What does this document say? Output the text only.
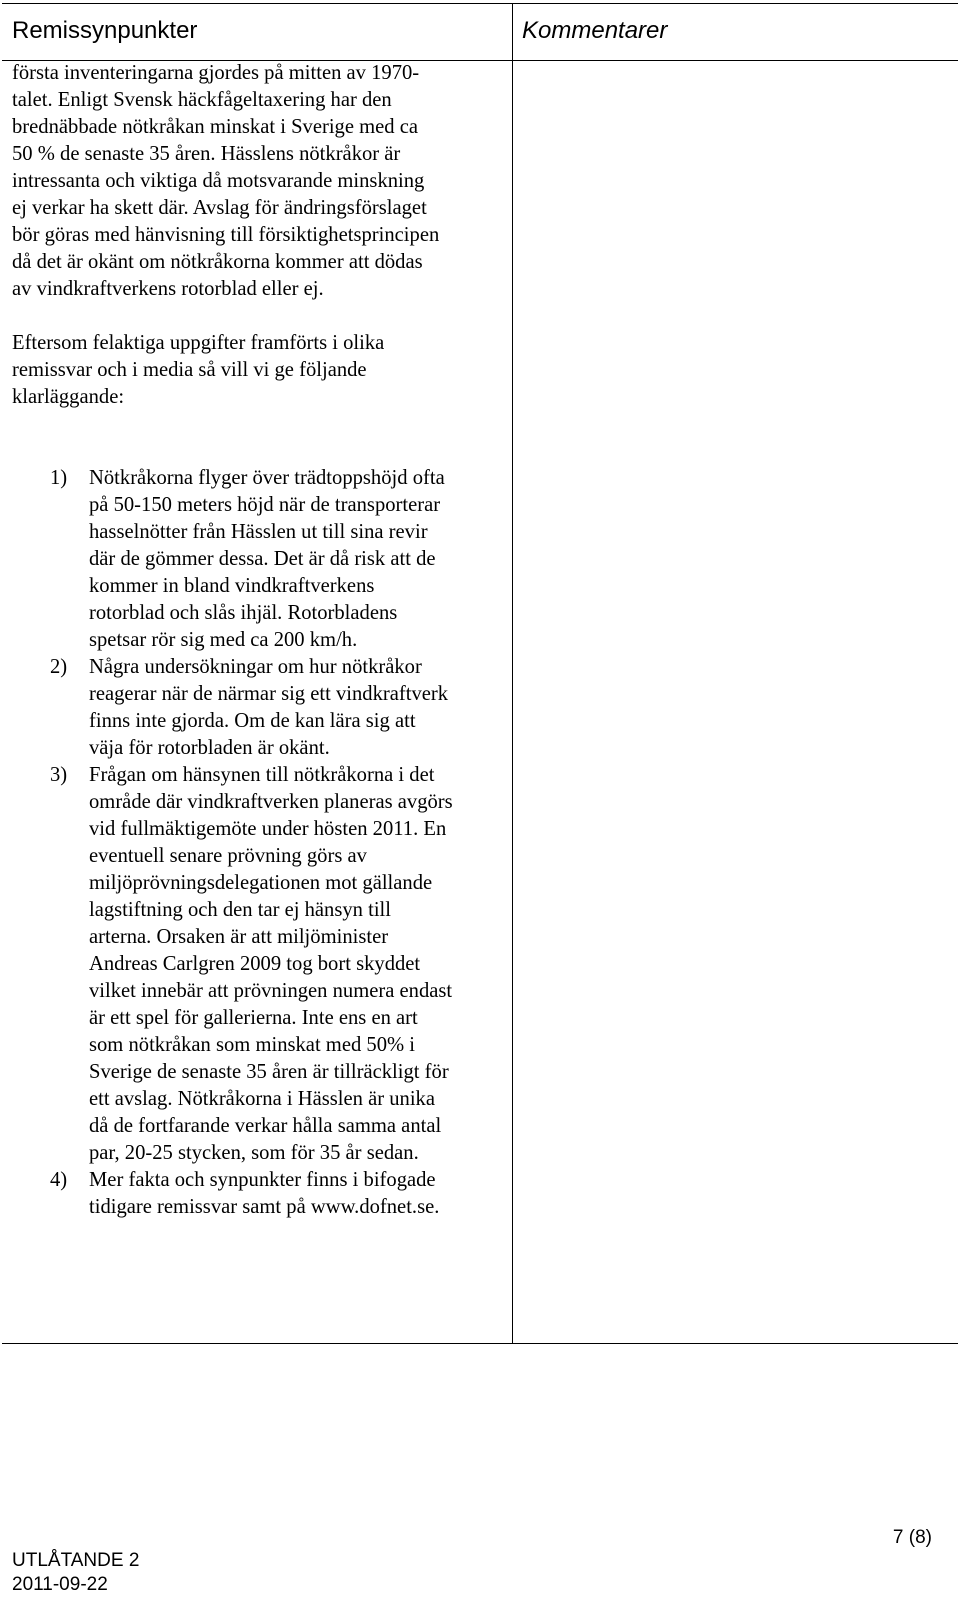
Remissynpunkter	Kommentarer

första inventeringarna gjordes på mitten av 1970-

talet. Enligt Svensk häckfågeltaxering har den

brednäbbade nötkråkan minskat i Sverige med ca

50 % de senaste 35 åren. Hässlens nötkråkor är

intressanta och viktiga då motsvarande minskning

ej verkar ha skett där. Avslag för ändringsförslaget

bör göras med hänvisning till försiktighetsprincipen

då det är okänt om nötkråkorna kommer att dödas

av vindkraftverkens rotorblad eller ej.

Eftersom felaktiga uppgifter framförts i olika

remissvar och i media så vill vi ge följande

klarläggande:

1) Nötkråkorna flyger över trädtoppshöjd ofta
på 50-150 meters höjd när de transporterar
hasselnötter från Hässlen ut till sina revir
där de gömmer dessa. Det är då risk att de
kommer in bland vindkraftverkens
rotorblad och slås ihjäl. Rotorbladens
spetsar rör sig med ca 200 km/h.
2) Några undersökningar om hur nötkråkor
reagerar när de närmar sig ett vindkraftverk
finns inte gjorda. Om de kan lära sig att
väja för rotorbladen är okänt.
3) Frågan om hänsynen till nötkråkorna i det
område där vindkraftverken planeras avgörs
vid fullmäktigemöte under hösten 2011. En
eventuell senare prövning görs av
miljöprövningsdelegationen mot gällande
lagstiftning och den tar ej hänsyn till
arterna. Orsaken är att miljöminister
Andreas Carlgren 2009 tog bort skyddet
vilket innebär att prövningen numera endast
är ett spel för gallerierna. Inte ens en art
som nötkråkan som minskat med 50% i
Sverige de senaste 35 åren är tillräckligt för
ett avslag. Nötkråkorna i Hässlen är unika
då de fortfarande verkar hålla samma antal
par, 20-25 stycken, som för 35 år sedan.
4) Mer fakta och synpunkter finns i bifogade
tidigare remissvar samt på www.dofnet.se.
UTLÅTANDE 2
2011-09-22
7 (8)
